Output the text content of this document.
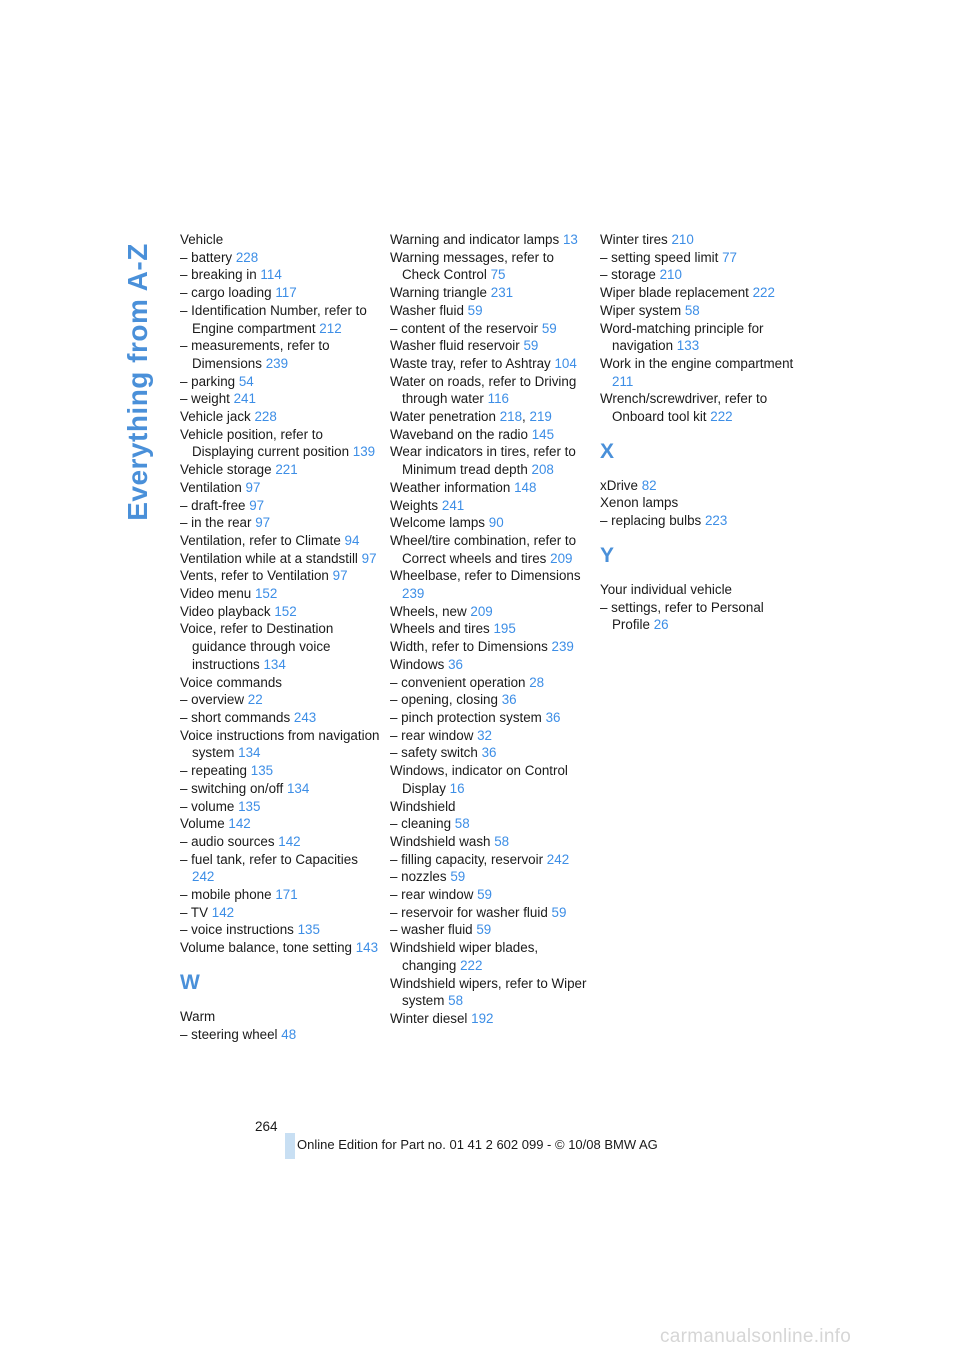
Everything from A-Z
Vehicle
– battery 228
– breaking in 114
– cargo loading 117
– Identification Number, refer to Engine compartment 212
– measurements, refer to Dimensions 239
– parking 54
– weight 241
Vehicle jack 228
Vehicle position, refer to Displaying current position 139
Vehicle storage 221
Ventilation 97
– draft-free 97
– in the rear 97
Ventilation, refer to Climate 94
Ventilation while at a standstill 97
Vents, refer to Ventilation 97
Video menu 152
Video playback 152
Voice, refer to Destination guidance through voice instructions 134
Voice commands
– overview 22
– short commands 243
Voice instructions from navigation system 134
– repeating 135
– switching on/off 134
– volume 135
Volume 142
– audio sources 142
– fuel tank, refer to Capacities 242
– mobile phone 171
– TV 142
– voice instructions 135
Volume balance, tone setting 143
W
Warm
– steering wheel 48
Warning and indicator lamps 13
Warning messages, refer to Check Control 75
Warning triangle 231
Washer fluid 59
– content of the reservoir 59
Washer fluid reservoir 59
Waste tray, refer to Ashtray 104
Water on roads, refer to Driving through water 116
Water penetration 218, 219
Waveband on the radio 145
Wear indicators in tires, refer to Minimum tread depth 208
Weather information 148
Weights 241
Welcome lamps 90
Wheel/tire combination, refer to Correct wheels and tires 209
Wheelbase, refer to Dimensions 239
Wheels, new 209
Wheels and tires 195
Width, refer to Dimensions 239
Windows 36
– convenient operation 28
– opening, closing 36
– pinch protection system 36
– rear window 32
– safety switch 36
Windows, indicator on Control Display 16
Windshield
– cleaning 58
Windshield wash 58
– filling capacity, reservoir 242
– nozzles 59
– rear window 59
– reservoir for washer fluid 59
– washer fluid 59
Windshield wiper blades, changing 222
Windshield wipers, refer to Wiper system 58
Winter diesel 192
Winter tires 210
– setting speed limit 77
– storage 210
Wiper blade replacement 222
Wiper system 58
Word-matching principle for navigation 133
Work in the engine compartment 211
Wrench/screwdriver, refer to Onboard tool kit 222
X
xDrive 82
Xenon lamps
– replacing bulbs 223
Y
Your individual vehicle
– settings, refer to Personal Profile 26
264
Online Edition for Part no. 01 41 2 602 099 - © 10/08 BMW AG
carmanualsonline.info
